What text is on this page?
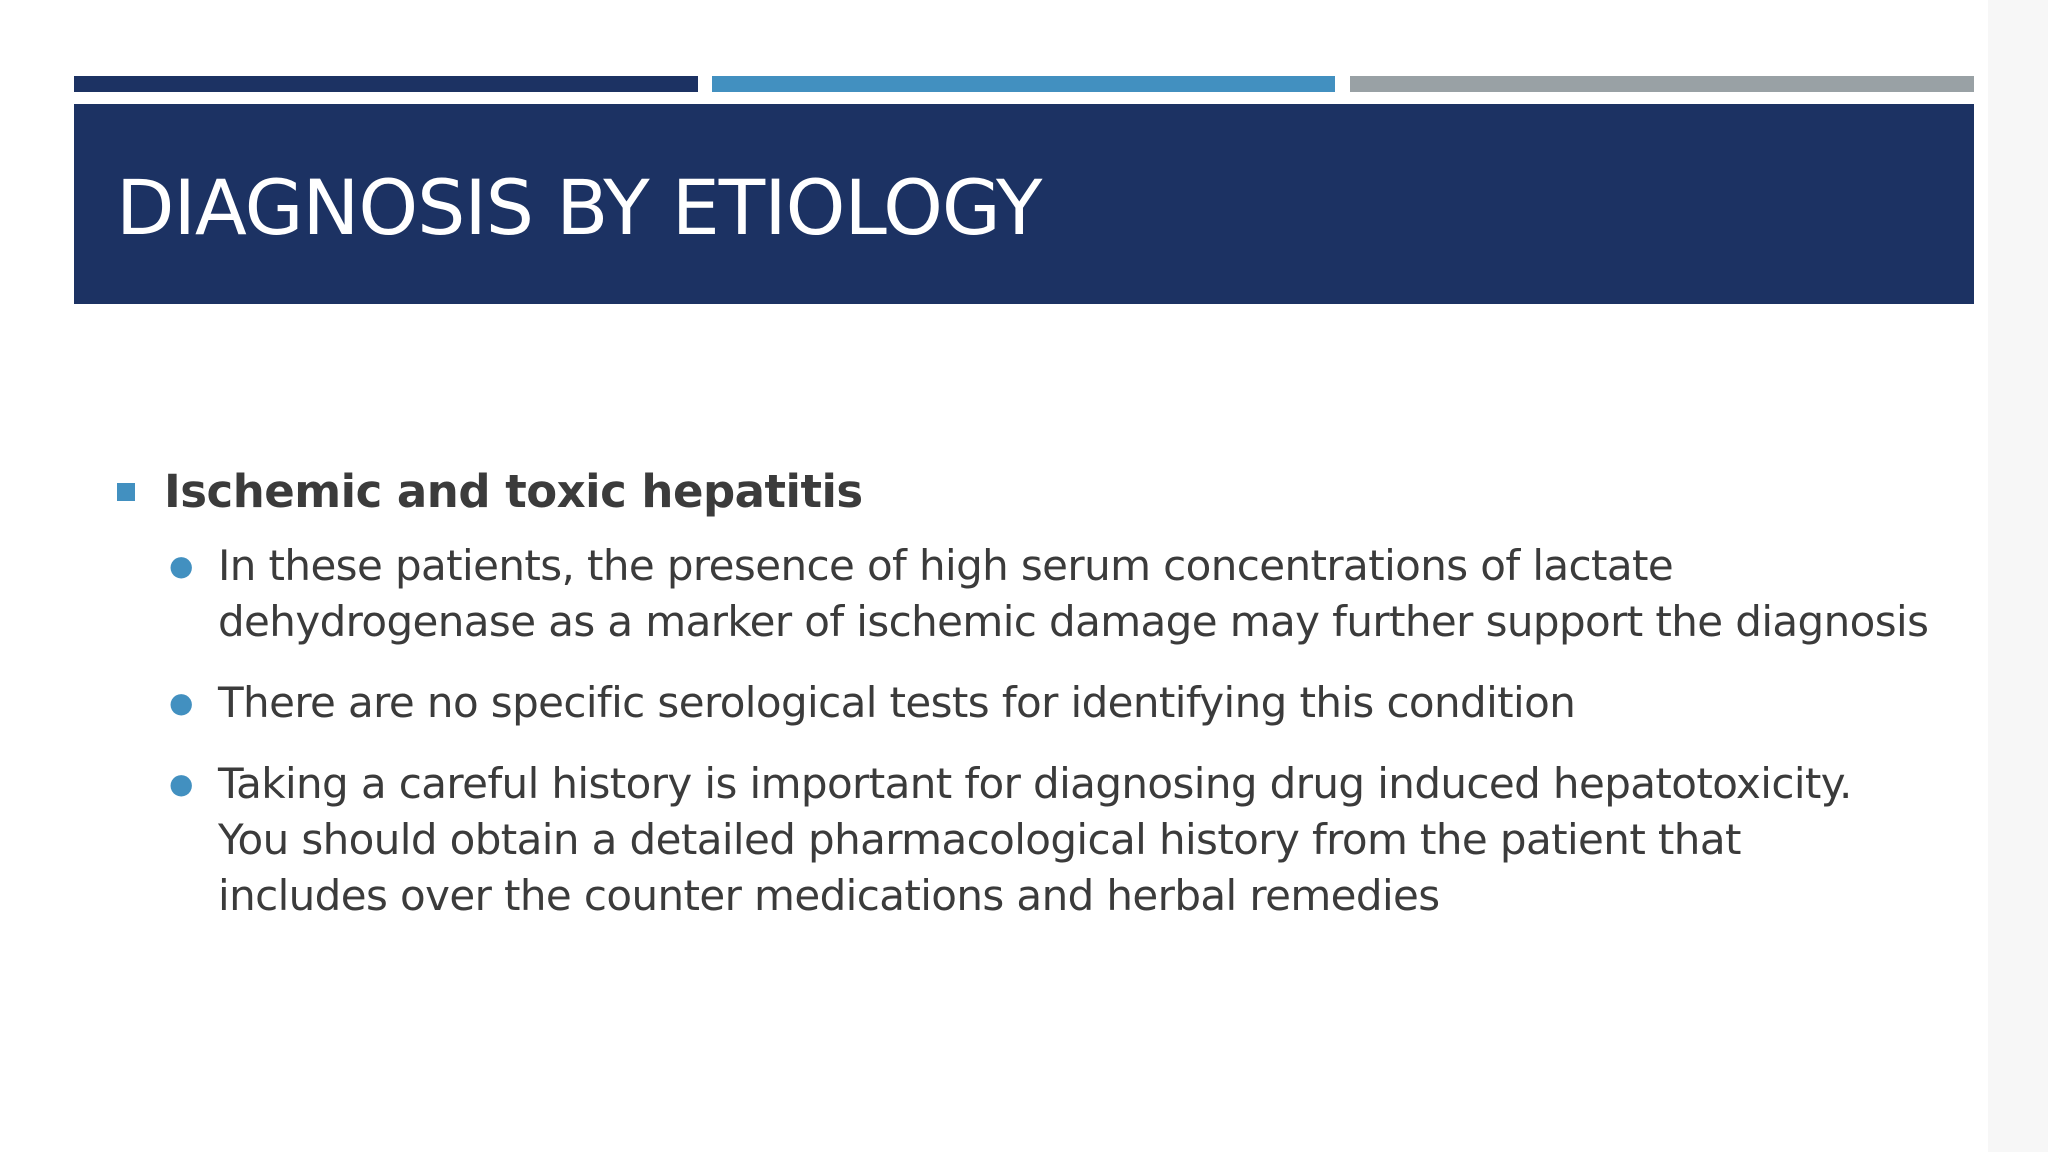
DIAGNOSIS BY ETIOLOGY
Ischemic and toxic hepatitis
● In these patients, the presence of high serum concentrations of lactate
dehydrogenase as a marker of ischemic damage may further support the diagnosis
● There are no specific serological tests for identifying this condition
● Taking a careful history is important for diagnosing drug induced hepatotoxicity.
You should obtain a detailed pharmacological history from the patient that
includes over the counter medications and herbal remedies
